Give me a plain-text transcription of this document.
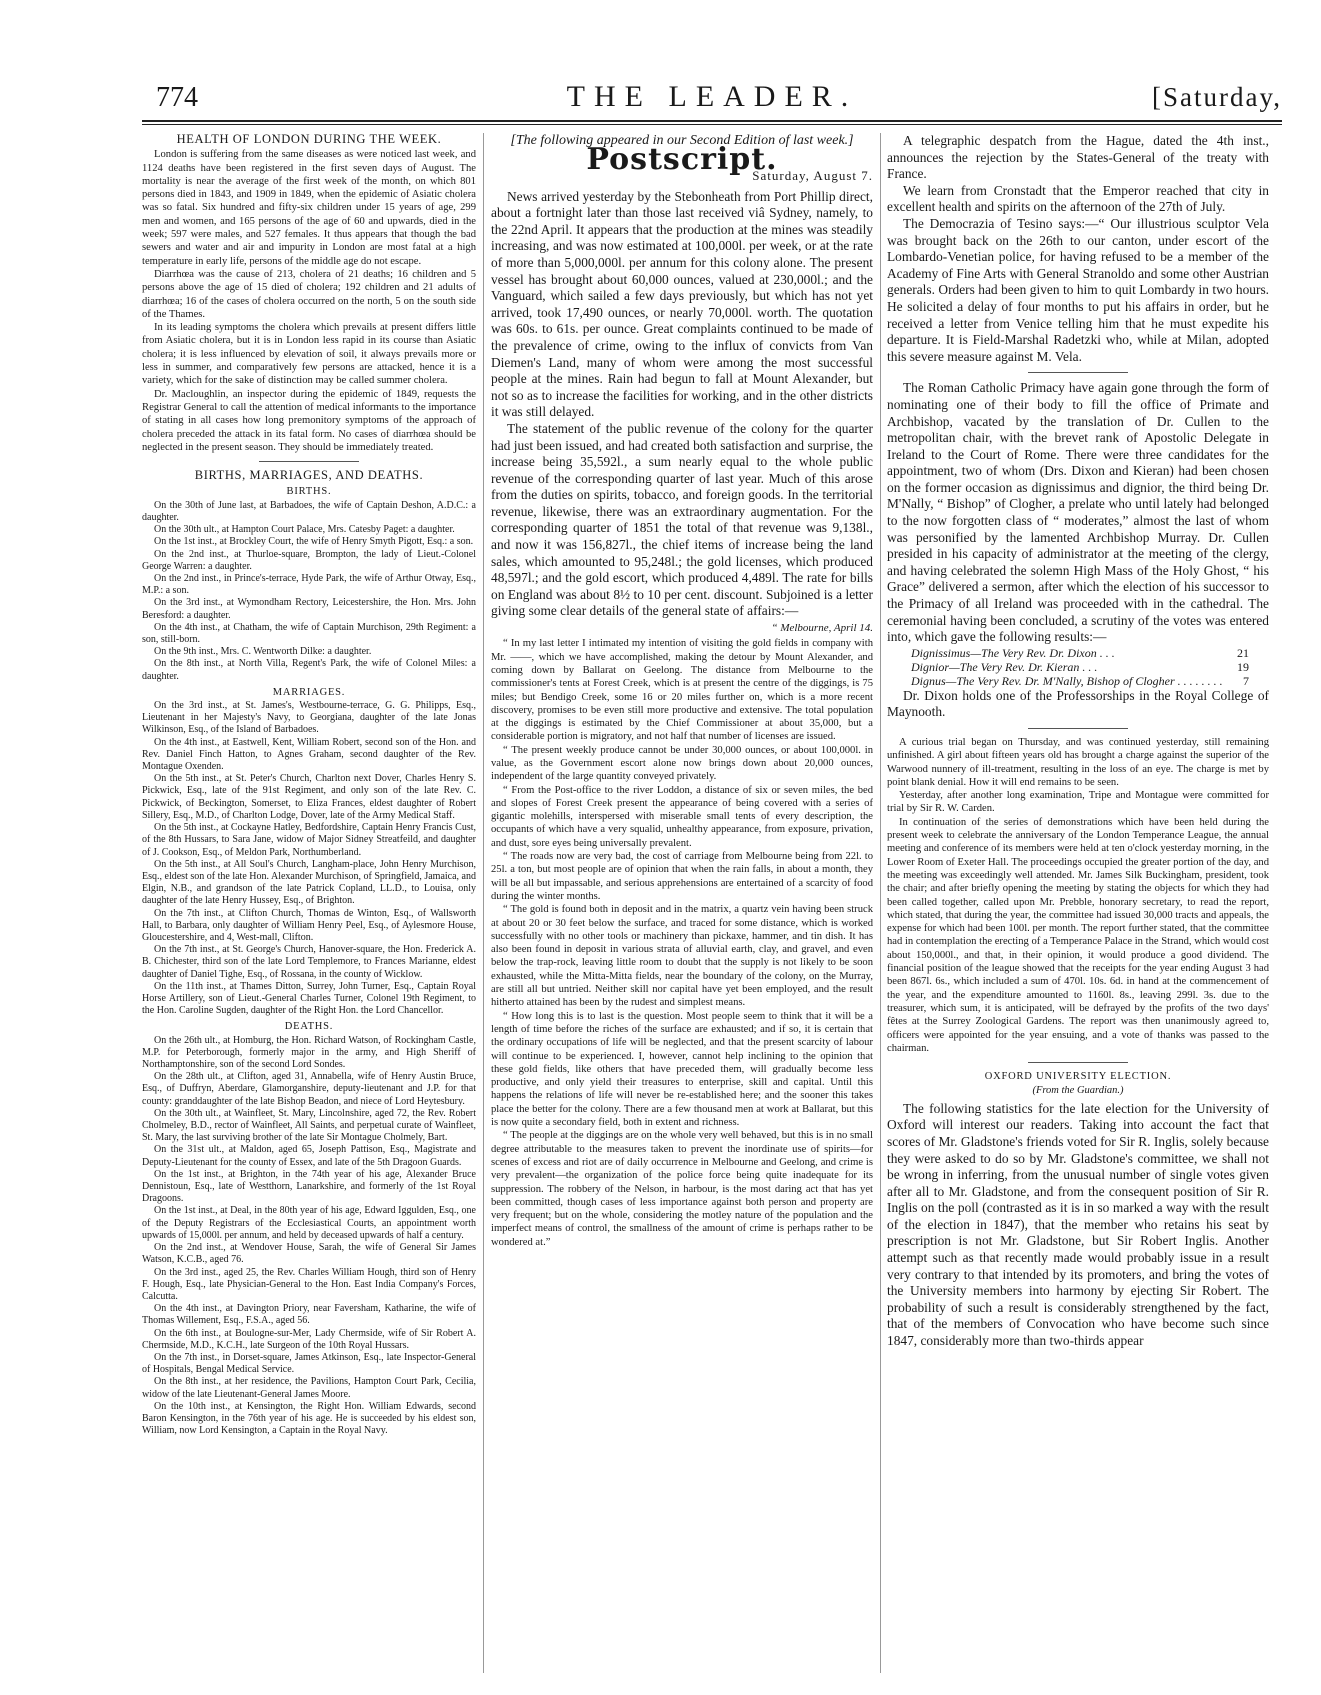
774	THE LEADER.	[Saturday,
HEALTH OF LONDON DURING THE WEEK.

London is suffering from the same diseases as were noticed last week, and 1124 deaths have been registered in the first seven days of August. The mortality is near the average of the first week of the month, on which 801 persons died in 1843, and 1909 in 1849, when the epidemic of Asiatic cholera was so fatal. Six hundred and fifty-six children under 15 years of age, 299 men and women, and 165 persons of the age of 60 and upwards, died in the week; 597 were males, and 527 females. It thus appears that though the bad sewers and water and air and impurity in London are most fatal at a high temperature in early life, persons of the middle age do not escape.

Diarrhœa was the cause of 213, cholera of 21 deaths; 16 children and 5 persons above the age of 15 died of cholera; 192 children and 21 adults of diarrhœa; 16 of the cases of cholera occurred on the north, 5 on the south side of the Thames.

In its leading symptoms the cholera which prevails at present differs little from Asiatic cholera, but it is in London less rapid in its course than Asiatic cholera; it is less influenced by elevation of soil, it always prevails more or less in summer, and comparatively few persons are attacked, hence it is a variety, which for the sake of distinction may be called summer cholera.

Dr. Macloughlin, an inspector during the epidemic of 1849, requests the Registrar General to call the attention of medical informants to the importance of stating in all cases how long premonitory symptoms of the approach of cholera preceded the attack in its fatal form. No cases of diarrhœa should be neglected in the present season. They should be immediately treated.

BIRTHS, MARRIAGES, AND DEATHS.
BIRTHS.

On the 30th of June last, at Barbadoes, the wife of Captain Deshon, A.D.C.: a daughter.

On the 30th ult., at Hampton Court Palace, Mrs. Catesby Paget: a daughter.

On the 1st inst., at Brockley Court, the wife of Henry Smyth Pigott, Esq.: a son.

On the 2nd inst., at Thurloe-square, Brompton, the lady of Lieut.-Colonel George Warren: a daughter.

On the 2nd inst., in Prince's-terrace, Hyde Park, the wife of Arthur Otway, Esq., M.P.: a son.

On the 3rd inst., at Wymondham Rectory, Leicestershire, the Hon. Mrs. John Beresford: a daughter.

On the 4th inst., at Chatham, the wife of Captain Murchison, 29th Regiment: a son, still-born.

On the 9th inst., Mrs. C. Wentworth Dilke: a daughter.

On the 8th inst., at North Villa, Regent's Park, the wife of Colonel Miles: a daughter.

MARRIAGES.

On the 3rd inst., at St. James's, Westbourne-terrace, G. G. Philipps, Esq., Lieutenant in her Majesty's Navy, to Georgiana, daughter of the late Jonas Wilkinson, Esq., of the Island of Barbadoes.

On the 4th inst., at Eastwell, Kent, William Robert, second son of the Hon. and Rev. Daniel Finch Hatton, to Agnes Graham, second daughter of the Rev. Montague Oxenden.

On the 5th inst., at St. Peter's Church, Charlton next Dover, Charles Henry S. Pickwick, Esq., late of the 91st Regiment, and only son of the late Rev. C. Pickwick, of Beckington, Somerset, to Eliza Frances, eldest daughter of Robert Sillery, Esq., M.D., of Charlton Lodge, Dover, late of the Army Medical Staff.

On the 5th inst., at Cockayne Hatley, Bedfordshire, Captain Henry Francis Cust, of the 8th Hussars, to Sara Jane, widow of Major Sidney Streatfeild, and daughter of J. Cookson, Esq., of Meldon Park, Northumberland.

On the 5th inst., at All Soul's Church, Langham-place, John Henry Murchison, Esq., eldest son of the late Hon. Alexander Murchison, of Springfield, Jamaica, and Elgin, N.B., and grandson of the late Patrick Copland, LL.D., to Louisa, only daughter of the late Henry Hussey, Esq., of Brighton.

On the 7th inst., at Clifton Church, Thomas de Winton, Esq., of Wallsworth Hall, to Barbara, only daughter of William Henry Peel, Esq., of Aylesmore House, Gloucestershire, and 4, West-mall, Clifton.

On the 7th inst., at St. George's Church, Hanover-square, the Hon. Frederick A. B. Chichester, third son of the late Lord Templemore, to Frances Marianne, eldest daughter of Daniel Tighe, Esq., of Rossana, in the county of Wicklow.

On the 11th inst., at Thames Ditton, Surrey, John Turner, Esq., Captain Royal Horse Artillery, son of Lieut.-General Charles Turner, Colonel 19th Regiment, to the Hon. Caroline Sugden, daughter of the Right Hon. the Lord Chancellor.

DEATHS.

On the 26th ult., at Homburg, the Hon. Richard Watson, of Rockingham Castle, M.P. for Peterborough, formerly major in the army, and High Sheriff of Northamptonshire, son of the second Lord Sondes.

On the 28th ult., at Clifton, aged 31, Annabella, wife of Henry Austin Bruce, Esq., of Duffryn, Aberdare, Glamorganshire, deputy-lieutenant and J.P. for that county: granddaughter of the late Bishop Beadon, and niece of Lord Heytesbury.

On the 30th ult., at Wainfleet, St. Mary, Lincolnshire, aged 72, the Rev. Robert Cholmeley, B.D., rector of Wainfleet, All Saints, and perpetual curate of Wainfleet, St. Mary, the last surviving brother of the late Sir Montague Cholmely, Bart.

On the 31st ult., at Maldon, aged 65, Joseph Pattison, Esq., Magistrate and Deputy-Lieutenant for the county of Essex, and late of the 5th Dragoon Guards.

On the 1st inst., at Brighton, in the 74th year of his age, Alexander Bruce Dennistoun, Esq., late of Westthorn, Lanarkshire, and formerly of the 1st Royal Dragoons.

On the 1st inst., at Deal, in the 80th year of his age, Edward Iggulden, Esq., one of the Deputy Registrars of the Ecclesiastical Courts, an appointment worth upwards of 15,000l. per annum, and held by deceased upwards of half a century.

On the 2nd inst., at Wendover House, Sarah, the wife of General Sir James Watson, K.C.B., aged 76.

On the 3rd inst., aged 25, the Rev. Charles William Hough, third son of Henry F. Hough, Esq., late Physician-General to the Hon. East India Company's Forces, Calcutta.

On the 4th inst., at Davington Priory, near Faversham, Katharine, the wife of Thomas Willement, Esq., F.S.A., aged 56.

On the 6th inst., at Boulogne-sur-Mer, Lady Chermside, wife of Sir Robert A. Chermside, M.D., K.C.H., late Surgeon of the 10th Royal Hussars.

On the 7th inst., in Dorset-square, James Atkinson, Esq., late Inspector-General of Hospitals, Bengal Medical Service.

On the 8th inst., at her residence, the Pavilions, Hampton Court Park, Cecilia, widow of the late Lieutenant-General James Moore.

On the 10th inst., at Kensington, the Right Hon. William Edwards, second Baron Kensington, in the 76th year of his age. He is succeeded by his eldest son, William, now Lord Kensington, a Captain in the Royal Navy.

[The following appeared in our Second Edition of last week.]
Postscript.
Saturday, August 7.

News arrived yesterday by the Stebonheath from Port Phillip direct, about a fortnight later than those last received viâ Sydney, namely, to the 22nd April. It appears that the production at the mines was steadily increasing, and was now estimated at 100,000l. per week, or at the rate of more than 5,000,000l. per annum for this colony alone. The present vessel has brought about 60,000 ounces, valued at 230,000l.; and the Vanguard, which sailed a few days previously, but which has not yet arrived, took 17,490 ounces, or nearly 70,000l. worth. The quotation was 60s. to 61s. per ounce. Great complaints continued to be made of the prevalence of crime, owing to the influx of convicts from Van Diemen's Land, many of whom were among the most successful people at the mines. Rain had begun to fall at Mount Alexander, but not so as to increase the facilities for working, and in the other districts it was still delayed.

The statement of the public revenue of the colony for the quarter had just been issued, and had created both satisfaction and surprise, the increase being 35,592l., a sum nearly equal to the whole public revenue of the corresponding quarter of last year. Much of this arose from the duties on spirits, tobacco, and foreign goods. In the territorial revenue, likewise, there was an extraordinary augmentation. For the corresponding quarter of 1851 the total of that revenue was 9,138l., and now it was 156,827l., the chief items of increase being the land sales, which amounted to 95,248l.; the gold licenses, which produced 48,597l.; and the gold escort, which produced 4,489l. The rate for bills on England was about 8½ to 10 per cent. discount. Subjoined is a letter giving some clear details of the general state of affairs:—

“ Melbourne, April 14.

“ In my last letter I intimated my intention of visiting the gold fields in company with Mr. ——, which we have accomplished, making the detour by Mount Alexander, and coming down by Ballarat on Geelong. The distance from Melbourne to the commissioner's tents at Forest Creek, which is at present the centre of the diggings, is 75 miles; but Bendigo Creek, some 16 or 20 miles further on, which is a more recent discovery, promises to be even still more productive and extensive. The total population at the diggings is estimated by the Chief Commissioner at about 35,000, but a considerable portion is migratory, and not half that number of licenses are issued.

“ The present weekly produce cannot be under 30,000 ounces, or about 100,000l. in value, as the Government escort alone now brings down about 20,000 ounces, independent of the large quantity conveyed privately.

“ From the Post-office to the river Loddon, a distance of six or seven miles, the bed and slopes of Forest Creek present the appearance of being covered with a series of gigantic molehills, interspersed with miserable small tents of every description, the occupants of which have a very squalid, unhealthy appearance, from exposure, privation, and dust, sore eyes being universally prevalent.

“ The roads now are very bad, the cost of carriage from Melbourne being from 22l. to 25l. a ton, but most people are of opinion that when the rain falls, in about a month, they will be all but impassable, and serious apprehensions are entertained of a scarcity of food during the winter months.

“ The gold is found both in deposit and in the matrix, a quartz vein having been struck at about 20 or 30 feet below the surface, and traced for some distance, which is worked successfully with no other tools or machinery than pickaxe, hammer, and tin dish. It has also been found in deposit in various strata of alluvial earth, clay, and gravel, and even below the trap-rock, leaving little room to doubt that the supply is not likely to be soon exhausted, while the Mitta-Mitta fields, near the boundary of the colony, on the Murray, are still all but untried. Neither skill nor capital have yet been employed, and the result hitherto attained has been by the rudest and simplest means.

“ How long this is to last is the question. Most people seem to think that it will be a length of time before the riches of the surface are exhausted; and if so, it is certain that the ordinary occupations of life will be neglected, and that the present scarcity of labour will continue to be experienced. I, however, cannot help inclining to the opinion that these gold fields, like others that have preceded them, will gradually become less productive, and only yield their treasures to enterprise, skill and capital. Until this happens the relations of life will never be re-established here; and the sooner this takes place the better for the colony. There are a few thousand men at work at Ballarat, but this is now quite a secondary field, both in extent and richness.

“ The people at the diggings are on the whole very well behaved, but this is in no small degree attributable to the measures taken to prevent the inordinate use of spirits—for scenes of excess and riot are of daily occurrence in Melbourne and Geelong, and crime is very prevalent—the organization of the police force being quite inadequate for its suppression. The robbery of the Nelson, in harbour, is the most daring act that has yet been committed, though cases of less importance against both person and property are very frequent; but on the whole, considering the motley nature of the population and the imperfect means of control, the smallness of the amount of crime is perhaps rather to be wondered at.”

A telegraphic despatch from the Hague, dated the 4th inst., announces the rejection by the States-General of the treaty with France.

We learn from Cronstadt that the Emperor reached that city in excellent health and spirits on the afternoon of the 27th of July.

The Democrazia of Tesino says:—“ Our illustrious sculptor Vela was brought back on the 26th to our canton, under escort of the Lombardo-Venetian police, for having refused to be a member of the Academy of Fine Arts with General Stranoldo and some other Austrian generals. Orders had been given to him to quit Lombardy in two hours. He solicited a delay of four months to put his affairs in order, but he received a letter from Venice telling him that he must expedite his departure. It is Field-Marshal Radetzki who, while at Milan, adopted this severe measure against M. Vela.

The Roman Catholic Primacy have again gone through the form of nominating one of their body to fill the office of Primate and Archbishop, vacated by the translation of Dr. Cullen to the metropolitan chair, with the brevet rank of Apostolic Delegate in Ireland to the Court of Rome. There were three candidates for the appointment, two of whom (Drs. Dixon and Kieran) had been chosen on the former occasion as dignissimus and dignior, the third being Dr. M'Nally, “ Bishop” of Clogher, a prelate who until lately had belonged to the now forgotten class of “ moderates,” almost the last of whom was personified by the lamented Archbishop Murray. Dr. Cullen presided in his capacity of administrator at the meeting of the clergy, and having celebrated the solemn High Mass of the Holy Ghost, “ his Grace” delivered a sermon, after which the election of his successor to the Primacy of all Ireland was proceeded with in the cathedral. The ceremonial having been concluded, a scrutiny of the votes was entered into, which gave the following results:—

Dignissimus—The Very Rev. Dr. Dixon . . .	21
Dignior—The Very Rev. Dr. Kieran . . .	19
Dignus—The Very Rev. Dr. M'Nally, Bishop of Clogher . . . . . . . . 7

Dr. Dixon holds one of the Professorships in the Royal College of Maynooth.

A curious trial began on Thursday, and was continued yesterday, still remaining unfinished. A girl about fifteen years old has brought a charge against the superior of the Warwood nunnery of ill-treatment, resulting in the loss of an eye. The charge is met by point blank denial. How it will end remains to be seen.

Yesterday, after another long examination, Tripe and Montague were committed for trial by Sir R. W. Carden.

In continuation of the series of demonstrations which have been held during the present week to celebrate the anniversary of the London Temperance League, the annual meeting and conference of its members were held at ten o'clock yesterday morning, in the Lower Room of Exeter Hall. The proceedings occupied the greater portion of the day, and the meeting was exceedingly well attended. Mr. James Silk Buckingham, president, took the chair; and after briefly opening the meeting by stating the objects for which they had been called together, called upon Mr. Prebble, honorary secretary, to read the report, which stated, that during the year, the committee had issued 30,000 tracts and appeals, the expense for which had been 100l. per month. The report further stated, that the committee had in contemplation the erecting of a Temperance Palace in the Strand, which would cost about 150,000l., and that, in their opinion, it would produce a good dividend. The financial position of the league showed that the receipts for the year ending August 3 had been 867l. 6s., which included a sum of 470l. 10s. 6d. in hand at the commencement of the year, and the expenditure amounted to 1160l. 8s., leaving 299l. 3s. due to the treasurer, which sum, it is anticipated, will be defrayed by the profits of the two days' fêtes at the Surrey Zoological Gardens. The report was then unanimously agreed to, officers were appointed for the year ensuing, and a vote of thanks was passed to the chairman.

OXFORD UNIVERSITY ELECTION.
(From the Guardian.)

The following statistics for the late election for the University of Oxford will interest our readers. Taking into account the fact that scores of Mr. Gladstone's friends voted for Sir R. Inglis, solely because they were asked to do so by Mr. Gladstone's committee, we shall not be wrong in inferring, from the unusual number of single votes given after all to Mr. Gladstone, and from the consequent position of Sir R. Inglis on the poll (contrasted as it is in so marked a way with the result of the election in 1847), that the member who retains his seat by prescription is not Mr. Gladstone, but Sir Robert Inglis. Another attempt such as that recently made would probably issue in a result very contrary to that intended by its promoters, and bring the votes of the University members into harmony by ejecting Sir Robert. The probability of such a result is considerably strengthened by the fact, that of the members of Convocation who have become such since 1847, considerably more than two-thirds appear
